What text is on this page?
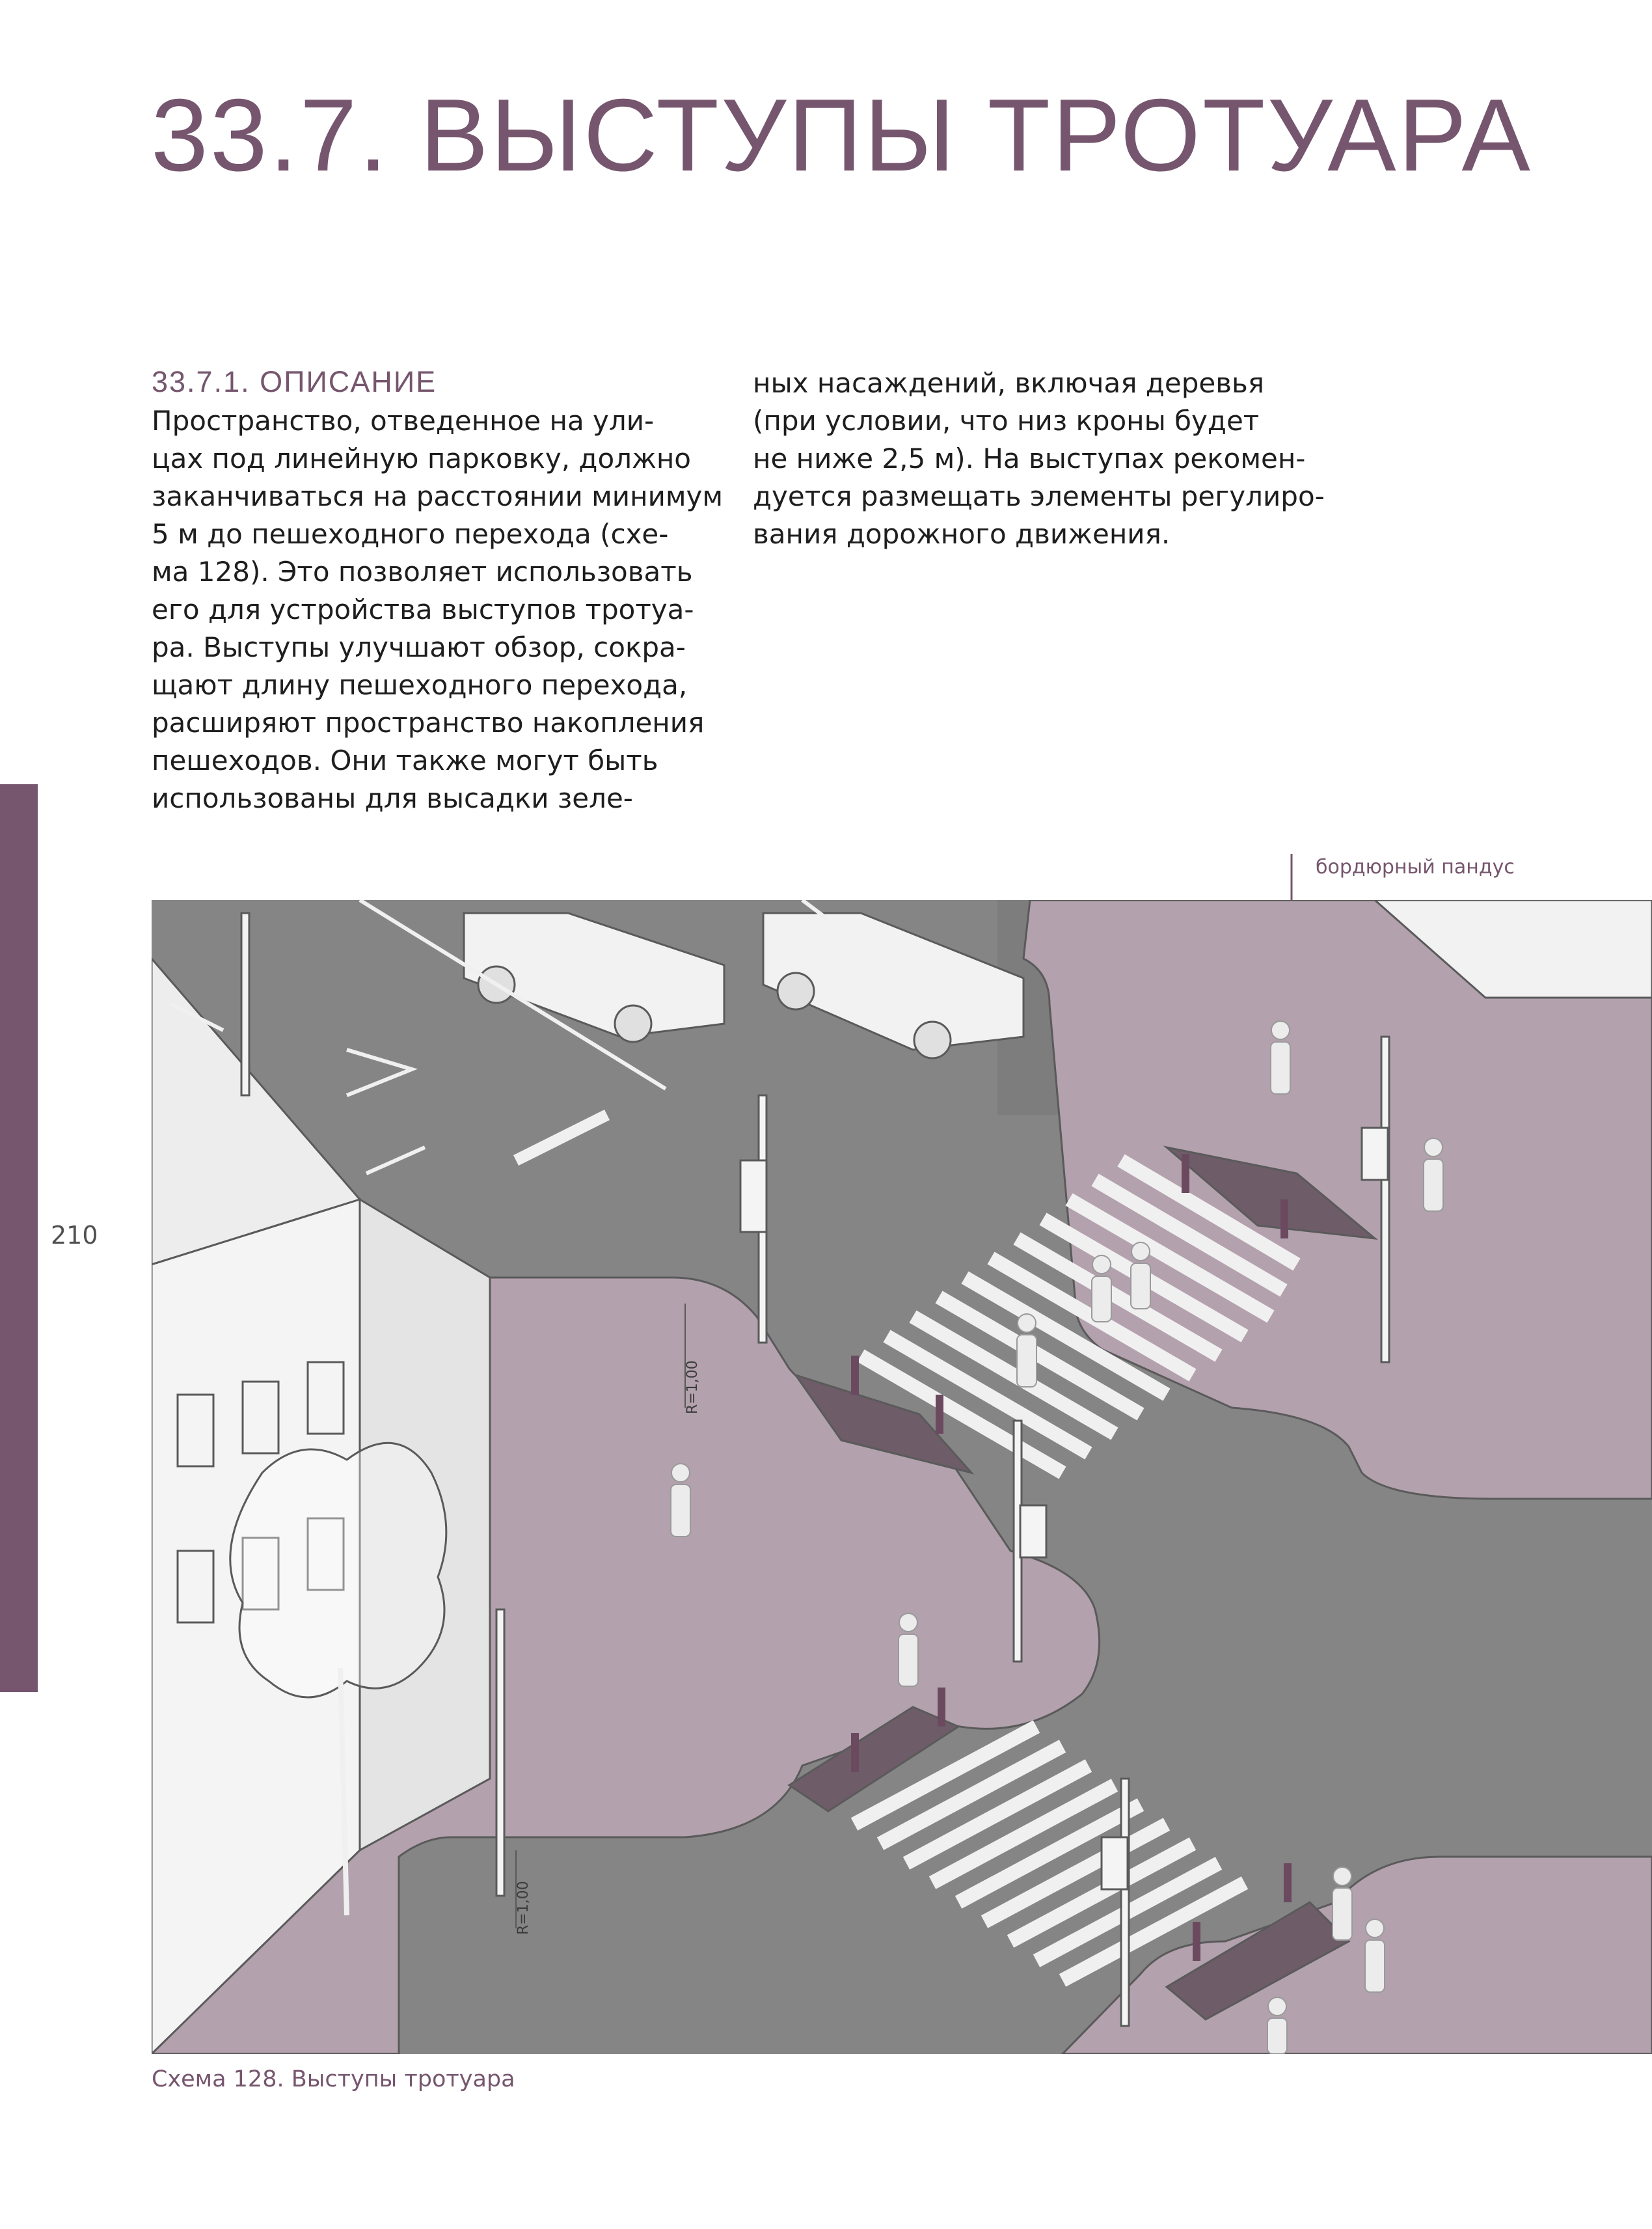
210
33.7. ВЫСТУПЫ ТРОТУАРА
33.7.1. ОПИСАНИЕ

Пространство, отведенное на ули-
цах под линейную парковку, должно
заканчиваться на расстоянии минимум
5 м до пешеходного перехода (схе-
ма 128). Это позволяет использовать
его для устройства выступов тротуа-
ра. Выступы улучшают обзор, сокра-
щают длину пешеходного перехода,
расширяют пространство накопления
пешеходов. Они также могут быть
использованы для высадки зеле-

ных насаждений, включая деревья
(при условии, что низ кроны будет
не ниже 2,5 м). На выступах рекомен-
дуется размещать элементы регулиро-
вания дорожного движения.

бордюрный пандус
R=1,00
R=1,00
Схема 128. Выступы тротуара
